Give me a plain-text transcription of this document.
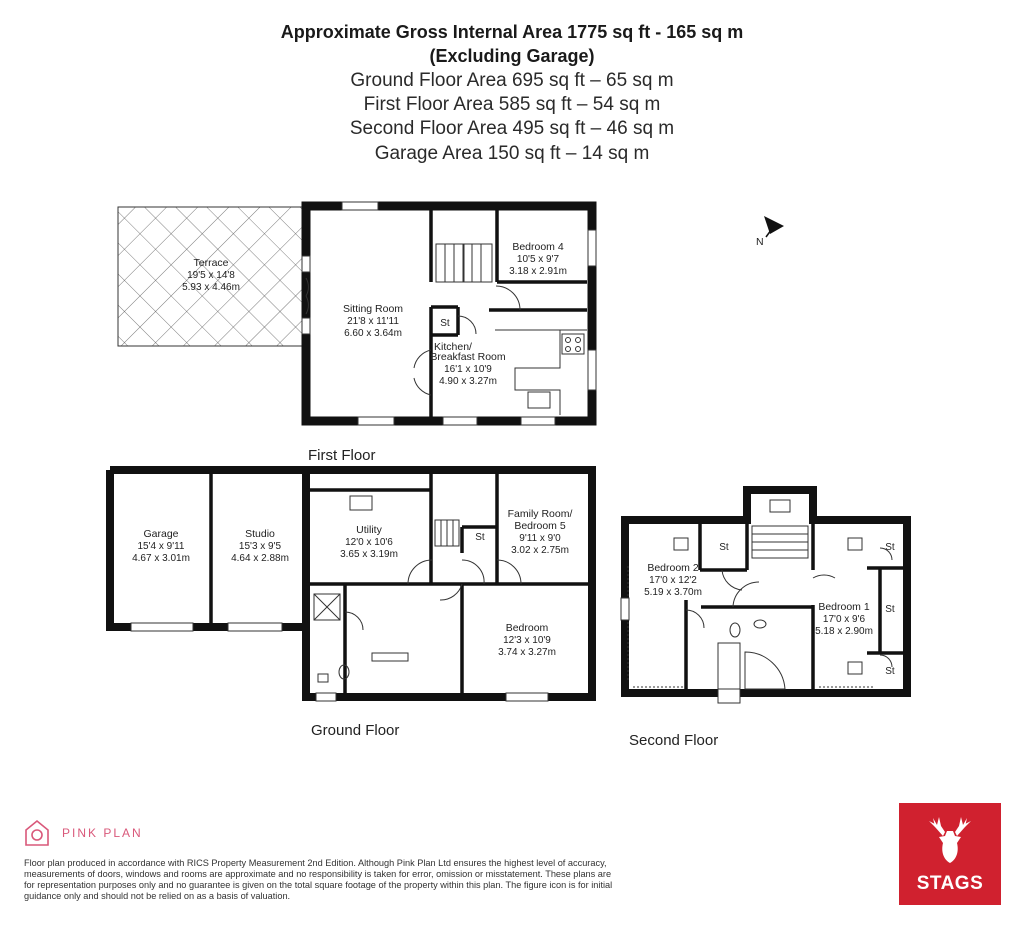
Approximate Gross Internal Area 1775 sq ft - 165 sq m
(Excluding Garage)
Ground Floor Area 695 sq ft – 65 sq m
First Floor Area 585 sq ft – 54 sq m
Second Floor Area 495 sq ft – 46 sq m
Garage Area 150 sq ft – 14 sq m
N
Terrace
19'5 x 14'8
5.93 x 4.46m
Sitting Room
21'8 x 11'11
6.60 x 3.64m
Bedroom 4
10'5 x 9'7
3.18 x 2.91m
Kitchen/
Breakfast Room
16'1 x 10'9
4.90 x 3.27m
St
First Floor
Garage
15'4 x 9'11
4.67 x 3.01m
Studio
15'3 x 9'5
4.64 x 2.88m
Utility
12'0 x 10'6
3.65 x 3.19m
Family Room/
Bedroom 5
9'11 x 9'0
3.02 x 2.75m
St
Bedroom
12'3 x 10'9
3.74 x 3.27m
Ground Floor
Bedroom 2
17'0 x 12'2
5.19 x 3.70m
Bedroom 1
17'0 x 9'6
5.18 x 2.90m
St	St
St
St
Second Floor
PINK PLAN
Floor plan produced in accordance with RICS Property Measurement 2nd Edition. Although Pink Plan Ltd ensures the highest level of accuracy, measurements of doors, windows and rooms are approximate and no responsibility is taken for error, omission or misstatement. These plans are for representation purposes only and no guarantee is given on the total square footage of the property within this plan. The figure icon is for initial guidance only and should not be relied on as a basis of valuation.
STAGS
